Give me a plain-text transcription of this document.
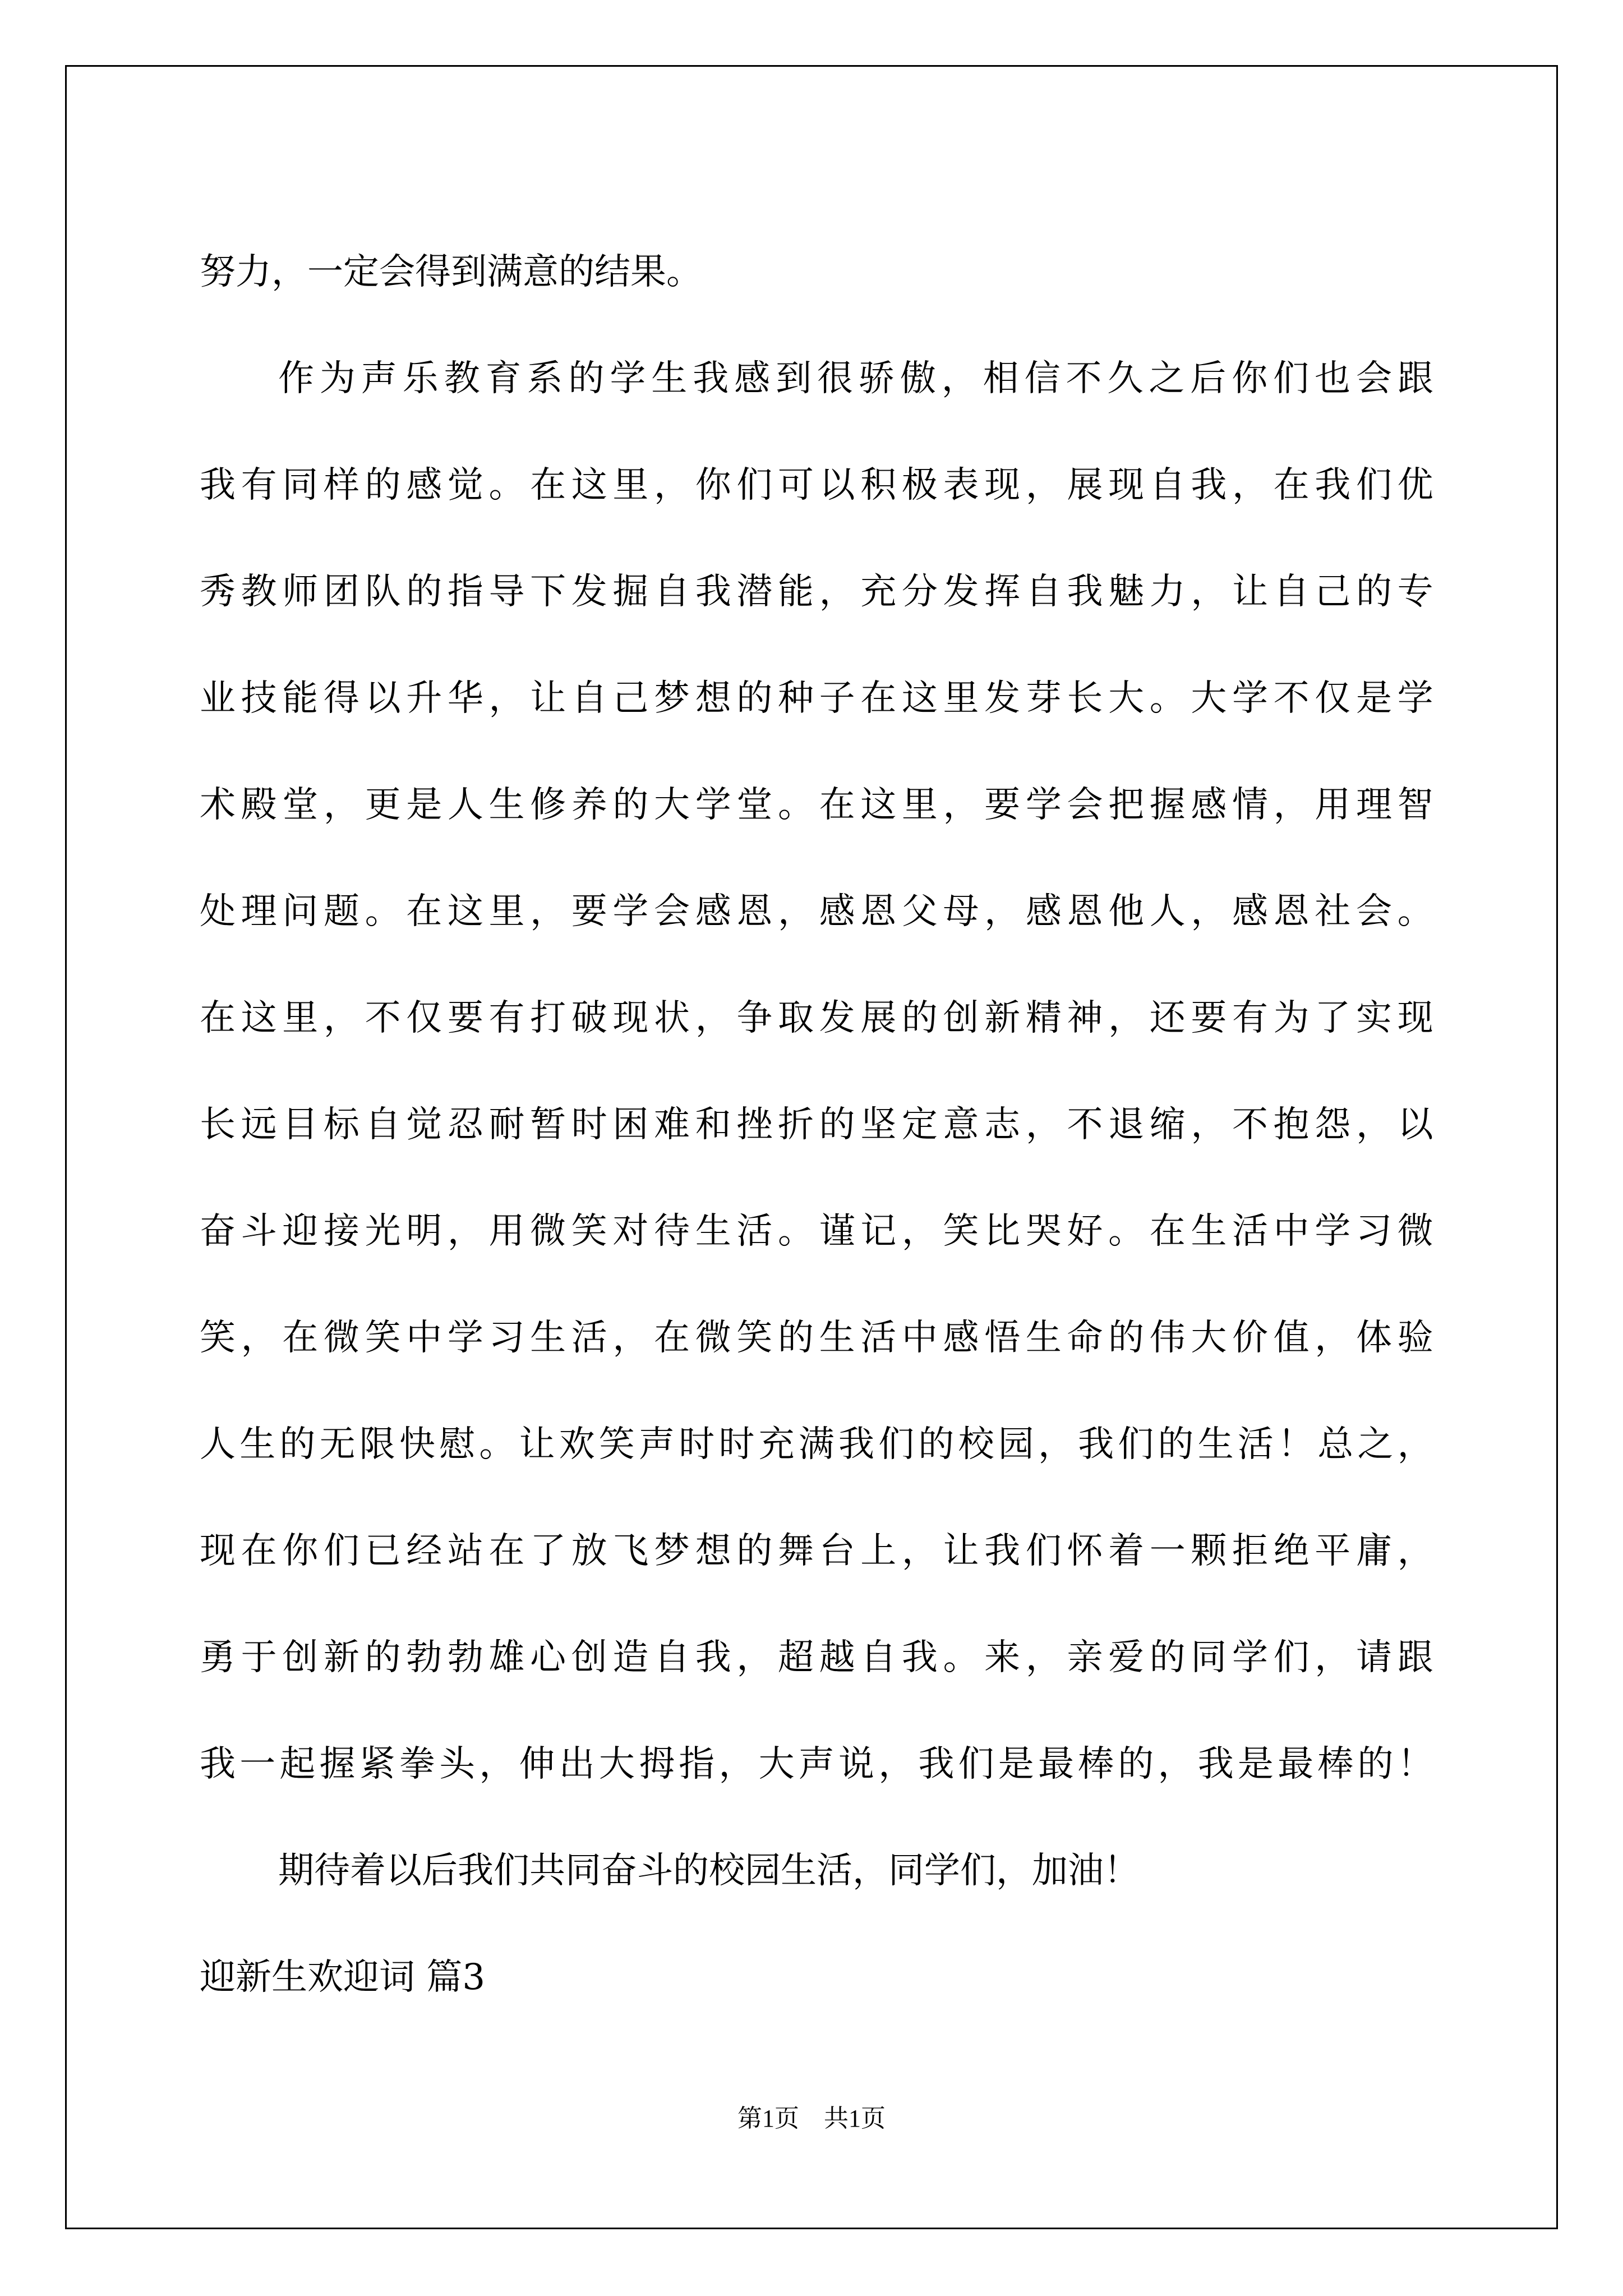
努力，一定会得到满意的结果。
作 为 声 乐 教 育 系 的 学 生 我 感 到 很 骄 傲 ， 相 信 不 久 之 后 你 们 也 会 跟
我 有 同 样 的 感 觉 。 在 这 里 ， 你 们 可 以 积 极 表 现 ， 展 现 自 我 ， 在 我 们 优
秀 教 师 团 队 的 指 导 下 发 掘 自 我 潜 能 ， 充 分 发 挥 自 我 魅 力 ， 让 自 己 的 专
业 技 能 得 以 升 华 ， 让 自 己 梦 想 的 种 子 在 这 里 发 芽 长 大 。 大 学 不 仅 是 学
术 殿 堂 ， 更 是 人 生 修 养 的 大 学 堂 。 在 这 里 ， 要 学 会 把 握 感 情 ， 用 理 智
处 理 问 题 。 在 这 里 ， 要 学 会 感 恩 ， 感 恩 父 母 ， 感 恩 他 人 ， 感 恩 社 会 。
在 这 里 ， 不 仅 要 有 打 破 现 状 ， 争 取 发 展 的 创 新 精 神 ， 还 要 有 为 了 实 现
长 远 目 标 自 觉 忍 耐 暂 时 困 难 和 挫 折 的 坚 定 意 志 ， 不 退 缩 ， 不 抱 怨 ， 以
奋 斗 迎 接 光 明 ， 用 微 笑 对 待 生 活 。 谨 记 ， 笑 比 哭 好 。 在 生 活 中 学 习 微
笑 ， 在 微 笑 中 学 习 生 活 ， 在 微 笑 的 生 活 中 感 悟 生 命 的 伟 大 价 值 ， 体 验
人 生 的 无 限 快 慰 。 让 欢 笑 声 时 时 充 满 我 们 的 校 园 ， 我 们 的 生 活 ！ 总 之 ，
现 在 你 们 已 经 站 在 了 放 飞 梦 想 的 舞 台 上 ， 让 我 们 怀 着 一 颗 拒 绝 平 庸 ，
勇 于 创 新 的 勃 勃 雄 心 创 造 自 我 ， 超 越 自 我 。 来 ， 亲 爱 的 同 学 们 ， 请 跟
我 一 起 握 紧 拳 头 ， 伸 出 大 拇 指 ， 大 声 说 ， 我 们 是 最 棒 的 ， 我 是 最 棒 的 ！
期待着以后我们共同奋斗的校园生活，同学们，加油！
迎新生欢迎词 篇3
第1页　共1页
